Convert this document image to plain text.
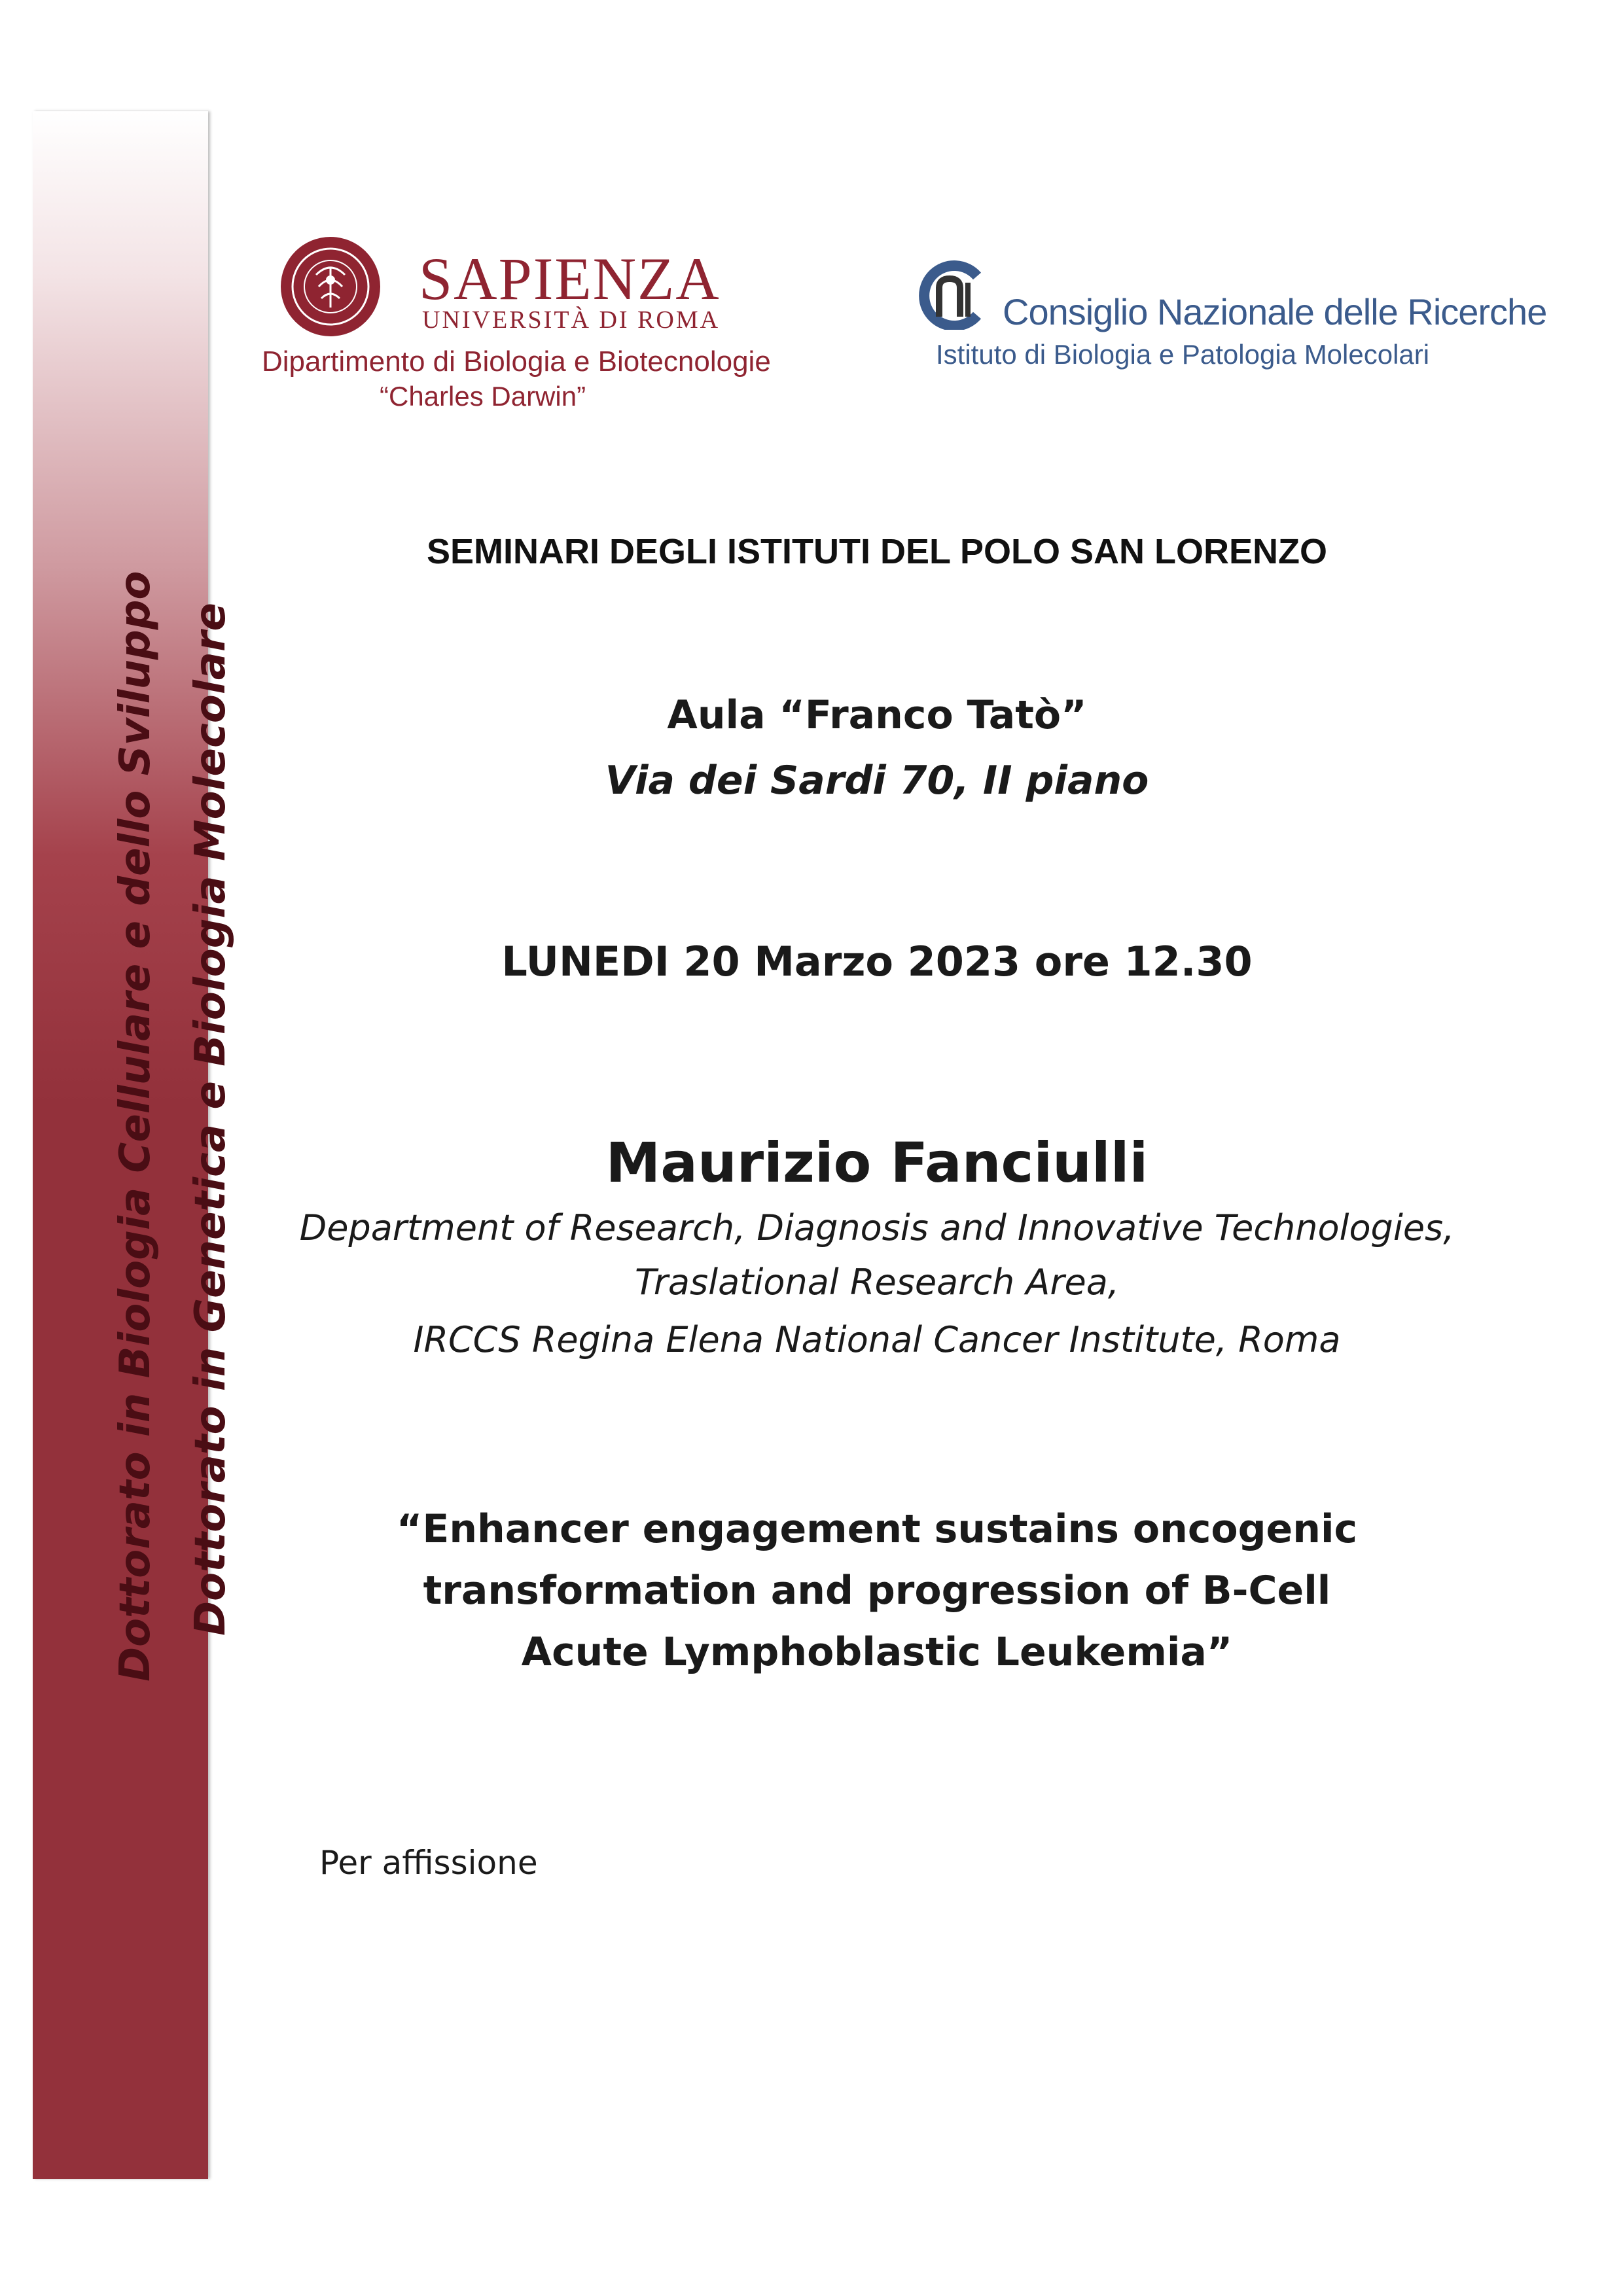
Dottorato in Biologia Cellulare e dello Sviluppo Dottorato in Genetica e Biologia Molecolare
SAPIENZA
UNIVERSITÀ DI ROMA
Dipartimento di Biologia e Biotecnologie
“Charles Darwin”
Consiglio Nazionale delle Ricerche
Istituto di Biologia e Patologia Molecolari
SEMINARI DEGLI ISTITUTI DEL POLO SAN LORENZO
Aula “Franco Tatò”
Via dei Sardi 70, II piano
LUNEDI 20 Marzo 2023 ore 12.30
Maurizio Fanciulli
Department of Research, Diagnosis and Innovative Technologies,
Traslational Research Area,
IRCCS Regina Elena National Cancer Institute, Roma
“Enhancer engagement sustains oncogenic
transformation and progression of B-Cell
Acute Lymphoblastic Leukemia”
Per affissione
